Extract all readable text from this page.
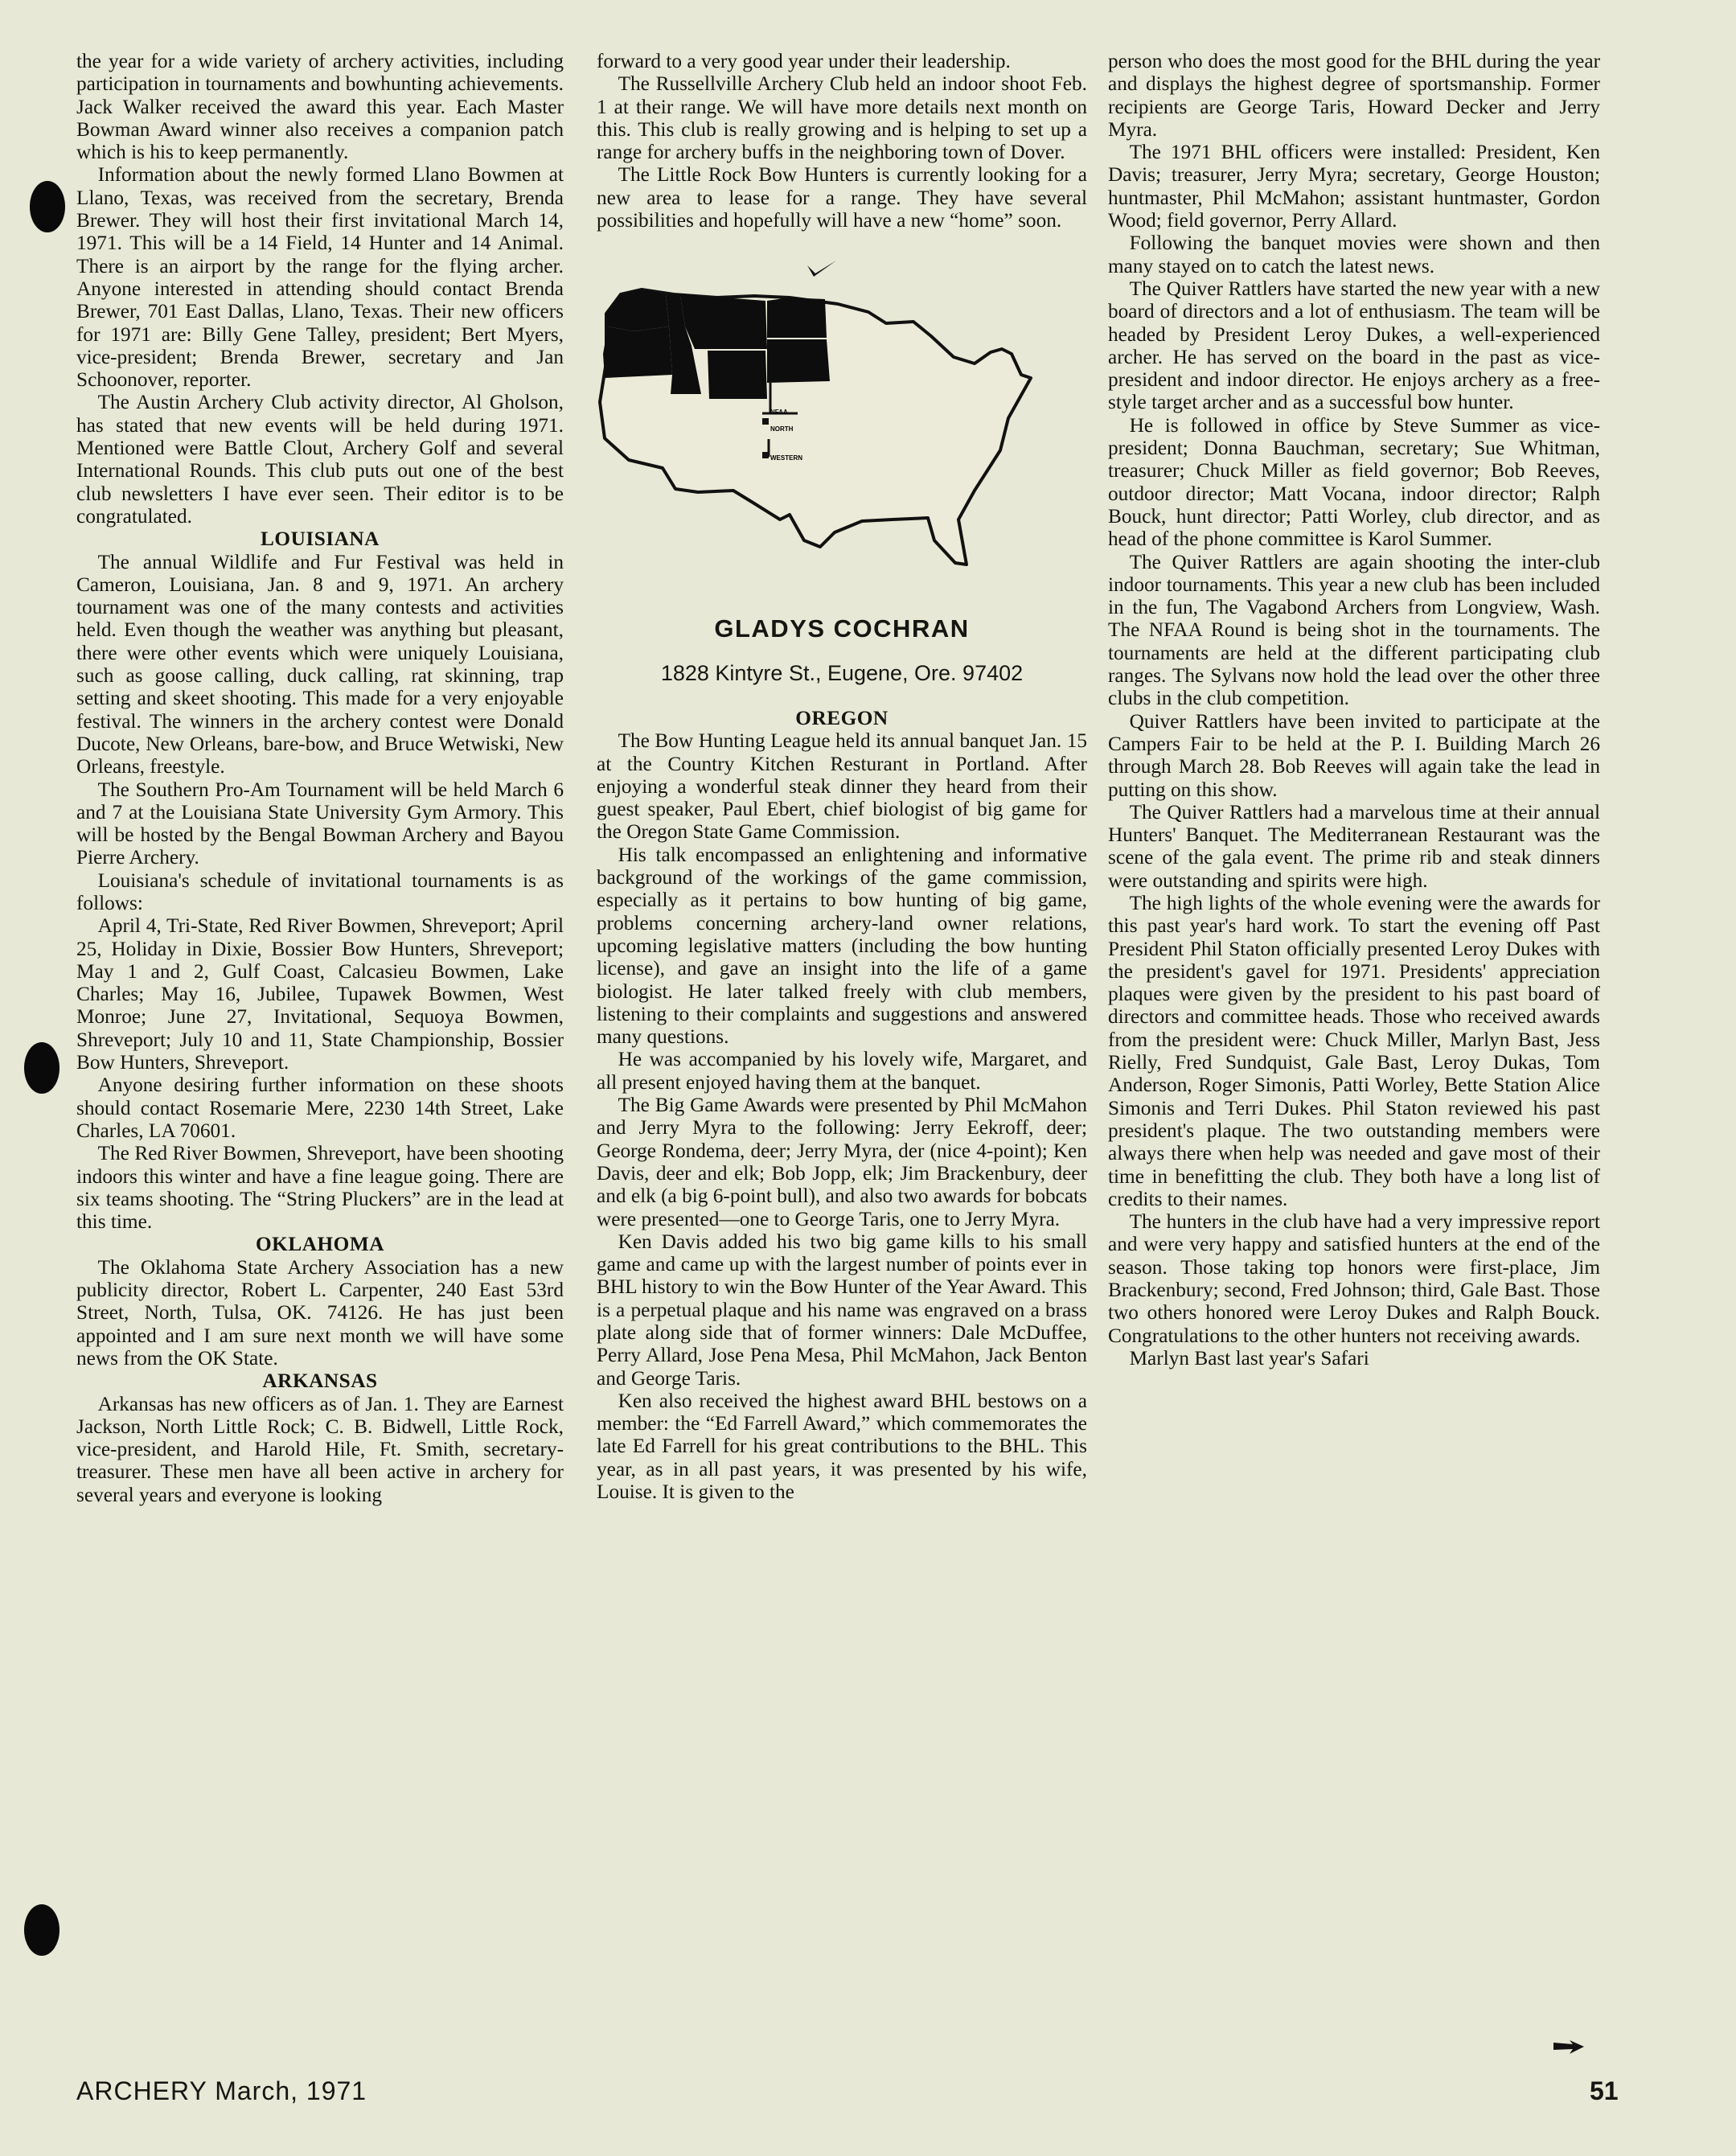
the year for a wide variety of archery activities, including participation in tournaments and bowhunting achievements. Jack Walker received the award this year. Each Master Bowman Award winner also receives a companion patch which is his to keep permanently.

Information about the newly formed Llano Bowmen at Llano, Texas, was received from the secretary, Brenda Brewer. They will host their first invitational March 14, 1971. This will be a 14 Field, 14 Hunter and 14 Animal. There is an airport by the range for the flying archer. Anyone interested in attending should contact Brenda Brewer, 701 East Dallas, Llano, Texas. Their new officers for 1971 are: Billy Gene Talley, president; Bert Myers, vice-president; Brenda Brewer, secretary and Jan Schoonover, reporter.

The Austin Archery Club activity director, Al Gholson, has stated that new events will be held during 1971. Mentioned were Battle Clout, Archery Golf and several International Rounds. This club puts out one of the best club newsletters I have ever seen. Their editor is to be congratulated.

LOUISIANA

The annual Wildlife and Fur Festival was held in Cameron, Louisiana, Jan. 8 and 9, 1971. An archery tournament was one of the many contests and activities held. Even though the weather was anything but pleasant, there were other events which were uniquely Louisiana, such as goose calling, duck calling, rat skinning, trap setting and skeet shooting. This made for a very enjoyable festival. The winners in the archery contest were Donald Ducote, New Orleans, bare-bow, and Bruce Wetwiski, New Orleans, freestyle.

The Southern Pro-Am Tournament will be held March 6 and 7 at the Louisiana State University Gym Armory. This will be hosted by the Bengal Bowman Archery and Bayou Pierre Archery.

Louisiana's schedule of invitational tournaments is as follows:

April 4, Tri-State, Red River Bowmen, Shreveport; April 25, Holiday in Dixie, Bossier Bow Hunters, Shreveport; May 1 and 2, Gulf Coast, Calcasieu Bowmen, Lake Charles; May 16, Jubilee, Tupawek Bowmen, West Monroe; June 27, Invitational, Sequoya Bowmen, Shreveport; July 10 and 11, State Championship, Bossier Bow Hunters, Shreveport.

Anyone desiring further information on these shoots should contact Rosemarie Mere, 2230 14th Street, Lake Charles, LA 70601.

The Red River Bowmen, Shreveport, have been shooting indoors this winter and have a fine league going. There are six teams shooting. The “String Pluckers” are in the lead at this time.

OKLAHOMA

The Oklahoma State Archery Association has a new publicity director, Robert L. Carpenter, 240 East 53rd Street, North, Tulsa, OK. 74126. He has just been appointed and I am sure next month we will have some news from the OK State.

ARKANSAS

Arkansas has new officers as of Jan. 1. They are Earnest Jackson, North Little Rock; C. B. Bidwell, Little Rock, vice-president, and Harold Hile, Ft. Smith, secretary-treasurer. These men have all been active in archery for several years and everyone is looking

forward to a very good year under their leadership.

The Russellville Archery Club held an indoor shoot Feb. 1 at their range. We will have more details next month on this. This club is really growing and is helping to set up a range for archery buffs in the neighboring town of Dover.

The Little Rock Bow Hunters is currently looking for a new area to lease for a range. They have several possibilities and hopefully will have a new “home” soon.

NFAA
NORTH
WESTERN
GLADYS COCHRAN
1828 Kintyre St., Eugene, Ore. 97402
OREGON

The Bow Hunting League held its annual banquet Jan. 15 at the Country Kitchen Resturant in Portland. After enjoying a wonderful steak dinner they heard from their guest speaker, Paul Ebert, chief biologist of big game for the Oregon State Game Commission.

His talk encompassed an enlightening and informative background of the workings of the game commission, especially as it pertains to bow hunting of big game, problems concerning archery-land owner relations, upcoming legislative matters (including the bow hunting license), and gave an insight into the life of a game biologist. He later talked freely with club members, listening to their complaints and suggestions and answered many questions.

He was accompanied by his lovely wife, Margaret, and all present enjoyed having them at the banquet.

The Big Game Awards were presented by Phil McMahon and Jerry Myra to the following: Jerry Eekroff, deer; George Rondema, deer; Jerry Myra, der (nice 4-point); Ken Davis, deer and elk; Bob Jopp, elk; Jim Brackenbury, deer and elk (a big 6-point bull), and also two awards for bobcats were presented—one to George Taris, one to Jerry Myra.

Ken Davis added his two big game kills to his small game and came up with the largest number of points ever in BHL history to win the Bow Hunter of the Year Award. This is a perpetual plaque and his name was engraved on a brass plate along side that of former winners: Dale McDuffee, Perry Allard, Jose Pena Mesa, Phil McMahon, Jack Benton and George Taris.

Ken also received the highest award BHL bestows on a member: the “Ed Farrell Award,” which commemorates the late Ed Farrell for his great contributions to the BHL. This year, as in all past years, it was presented by his wife, Louise. It is given to the

person who does the most good for the BHL during the year and displays the highest degree of sportsmanship. Former recipients are George Taris, Howard Decker and Jerry Myra.

The 1971 BHL officers were installed: President, Ken Davis; treasurer, Jerry Myra; secretary, George Houston; huntmaster, Phil McMahon; assistant huntmaster, Gordon Wood; field governor, Perry Allard.

Following the banquet movies were shown and then many stayed on to catch the latest news.

The Quiver Rattlers have started the new year with a new board of directors and a lot of enthusiasm. The team will be headed by President Leroy Dukes, a well-experienced archer. He has served on the board in the past as vice-president and indoor director. He enjoys archery as a free-style target archer and as a successful bow hunter.

He is followed in office by Steve Summer as vice-president; Donna Bauchman, secretary; Sue Whitman, treasurer; Chuck Miller as field governor; Bob Reeves, outdoor director; Matt Vocana, indoor director; Ralph Bouck, hunt director; Patti Worley, club director, and as head of the phone committee is Karol Summer.

The Quiver Rattlers are again shooting the inter-club indoor tournaments. This year a new club has been included in the fun, The Vagabond Archers from Longview, Wash. The NFAA Round is being shot in the tournaments. The tournaments are held at the different participating club ranges. The Sylvans now hold the lead over the other three clubs in the club competition.

Quiver Rattlers have been invited to participate at the Campers Fair to be held at the P. I. Building March 26 through March 28. Bob Reeves will again take the lead in putting on this show.

The Quiver Rattlers had a marvelous time at their annual Hunters' Banquet. The Mediterranean Restaurant was the scene of the gala event. The prime rib and steak dinners were outstanding and spirits were high.

The high lights of the whole evening were the awards for this past year's hard work. To start the evening off Past President Phil Staton officially presented Leroy Dukes with the president's gavel for 1971. Presidents' appreciation plaques were given by the president to his past board of directors and committee heads. Those who received awards from the president were: Chuck Miller, Marlyn Bast, Jess Rielly, Fred Sundquist, Gale Bast, Leroy Dukas, Tom Anderson, Roger Simonis, Patti Worley, Bette Station Alice Simonis and Terri Dukes. Phil Staton reviewed his past president's plaque. The two outstanding members were always there when help was needed and gave most of their time in benefitting the club. They both have a long list of credits to their names.

The hunters in the club have had a very impressive report and were very happy and satisfied hunters at the end of the season. Those taking top honors were first-place, Jim Brackenbury; second, Fred Johnson; third, Gale Bast. Those two others honored were Leroy Dukes and Ralph Bouck. Congratulations to the other hunters not receiving awards.

Marlyn Bast last year's Safari

ARCHERY March, 1971	51
